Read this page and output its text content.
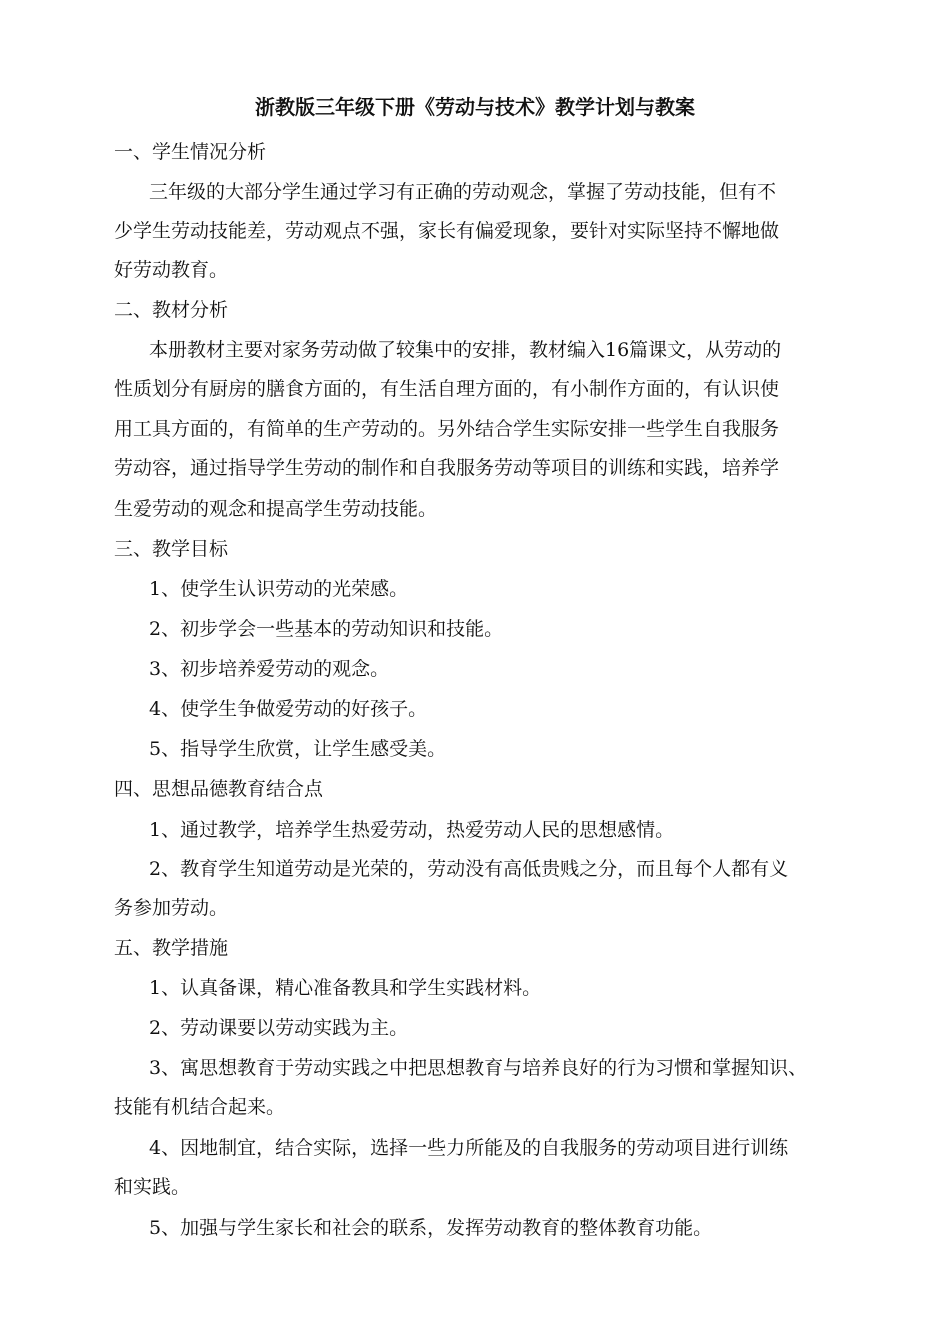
浙教版三年级下册《劳动与技术》教学计划与教案
一、学生情况分析
三年级的大部分学生通过学习有正确的劳动观念，掌握了劳动技能，但有不
少学生劳动技能差，劳动观点不强，家长有偏爱现象，要针对实际坚持不懈地做
好劳动教育。
二、教材分析
本册教材主要对家务劳动做了较集中的安排，教材编入16篇课文，从劳动的
性质划分有厨房的膳食方面的，有生活自理方面的，有小制作方面的，有认识使
用工具方面的，有简单的生产劳动的。另外结合学生实际安排一些学生自我服务
劳动容，通过指导学生劳动的制作和自我服务劳动等项目的训练和实践，培养学
生爱劳动的观念和提高学生劳动技能。
三、教学目标
1、使学生认识劳动的光荣感。
2、初步学会一些基本的劳动知识和技能。
3、初步培养爱劳动的观念。
4、使学生争做爱劳动的好孩子。
5、指导学生欣赏，让学生感受美。
四、思想品德教育结合点
1、通过教学，培养学生热爱劳动，热爱劳动人民的思想感情。
2、教育学生知道劳动是光荣的，劳动没有高低贵贱之分，而且每个人都有义
务参加劳动。
五、教学措施
1、认真备课，精心准备教具和学生实践材料。
2、劳动课要以劳动实践为主。
3、寓思想教育于劳动实践之中把思想教育与培养良好的行为习惯和掌握知识、
技能有机结合起来。
4、因地制宜，结合实际，选择一些力所能及的自我服务的劳动项目进行训练
和实践。
5、加强与学生家长和社会的联系，发挥劳动教育的整体教育功能。
